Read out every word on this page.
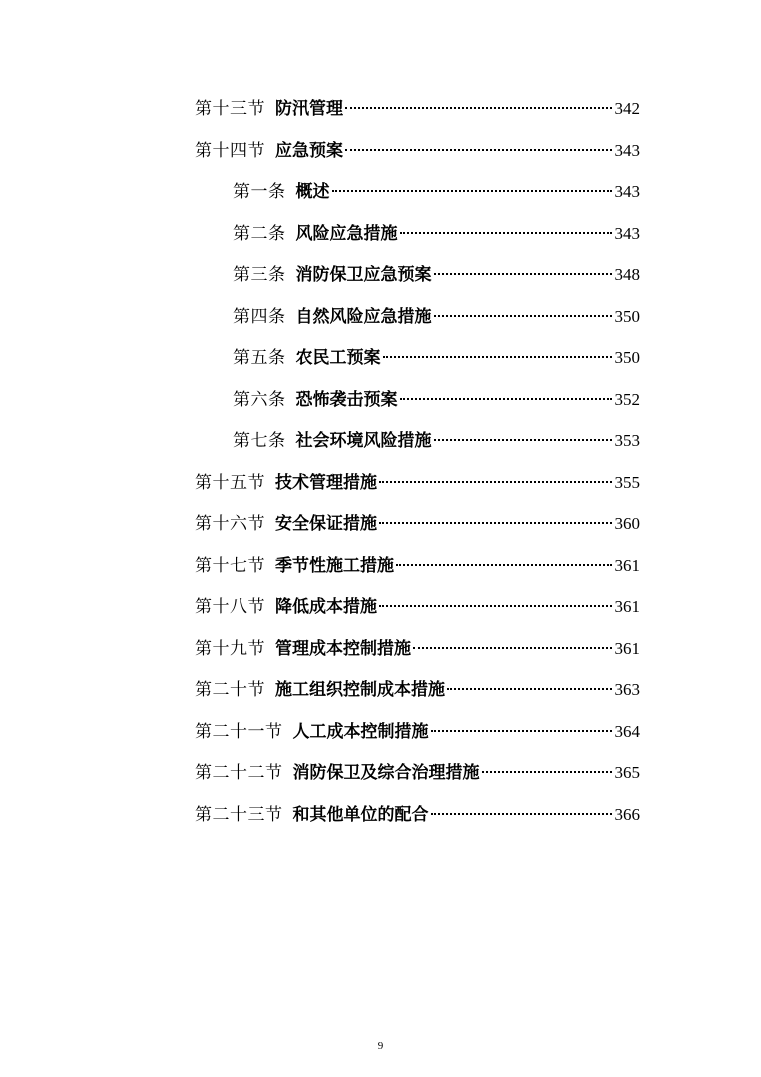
第十三节 防汛管理	342
第十四节 应急预案	343
第一条 概述	343
第二条 风险应急措施	343
第三条 消防保卫应急预案	348
第四条 自然风险应急措施	350
第五条 农民工预案	350
第六条 恐怖袭击预案	352
第七条 社会环境风险措施	353
第十五节 技术管理措施	355
第十六节 安全保证措施	360
第十七节 季节性施工措施	361
第十八节 降低成本措施	361
第十九节 管理成本控制措施	361
第二十节 施工组织控制成本措施	363
第二十一节 人工成本控制措施	364
第二十二节 消防保卫及综合治理措施	365
第二十三节 和其他单位的配合	366
9
